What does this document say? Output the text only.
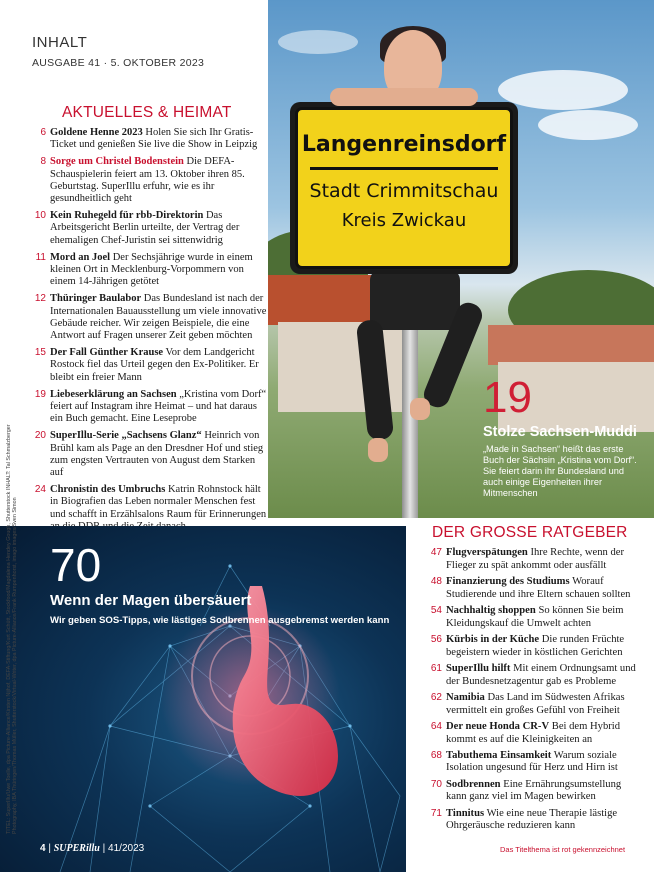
INHALT
AUSGABE 41 · 5. OKTOBER 2023
AKTUELLES & HEIMAT
6 Goldene Henne 2023 Holen Sie sich Ihr Gratis-Ticket und genießen Sie live die Show in Leipzig
8 Sorge um Christel Bodenstein Die DEFA-Schauspielerin feiert am 13. Oktober ihren 85. Geburtstag. SuperIllu erfuhr, wie es ihr gesundheitlich geht
10 Kein Ruhegeld für rbb-Direktorin Das Arbeitsgericht Berlin urteilte, der Vertrag der ehemaligen Chef-Juristin sei sittenwidrig
11 Mord an Joel Der Sechsjährige wurde in einem kleinen Ort in Mecklenburg-Vorpommern von einem 14-Jährigen getötet
12 Thüringer Baulabor Das Bundesland ist nach der Internationalen Bauausstellung um viele innovative Gebäude reicher. Wir zeigen Beispiele, die eine Antwort auf Fragen unserer Zeit geben möchten
15 Der Fall Günther Krause Vor dem Landgericht Rostock fiel das Urteil gegen den Ex-Politiker. Er bleibt ein freier Mann
19 Liebeserklärung an Sachsen „Kristina vom Dorf“ feiert auf Instagram ihre Heimat – und hat daraus ein Buch gemacht. Eine Leseprobe
20 SuperIllu-Serie „Sachsens Glanz“ Heinrich von Brühl kam als Page an den Dresdner Hof und stieg zum engsten Vertrauten von August dem Starken auf
24 Chronistin des Umbruchs Katrin Rohnstock hält in Biografien das Leben normaler Menschen fest und schafft in Erzählsalons Raum für Erinnerungen
Langenreinsdorf
Stadt Crimmitschau
Kreis Zwickau
19
Stolze Sachsen-Muddi
„Made in Sachsen“ heißt das erste Buch der Sächsin „Kristina vom Dorf“. Sie feiert darin ihr Bundesland und auch einige Eigenheiten ihrer Mitmenschen
DER GROSSE RATGEBER
47 Flugverspätungen Ihre Rechte, wenn der Flieger zu spät ankommt oder ausfällt
48 Finanzierung des Studiums Worauf Studierende und ihre Eltern schauen sollten
54 Nachhaltig shoppen So können Sie beim Kleidungskauf die Umwelt achten
56 Kürbis in der Küche Die runden Früchte begeistern wieder in köstlichen Gerichten
61 SuperIllu hilft Mit einem Ordnungsamt und der Bundesnetzagentur gab es Probleme
62 Namibia Das Land im Südwesten Afrikas vermittelt ein großes Gefühl von Freiheit
64 Der neue Honda CR-V Bei dem Hybrid kommt es auf die Kleinigkeiten an
68 Tabuthema Einsamkeit Warum soziale Isolation ungesund für Herz und Hirn ist
70 Sodbrennen Eine Ernährungsumstellung kann ganz viel im Magen bewirken
71 Tinnitus Wie eine neue Therapie lästige Ohrgeräusche reduzieren kann
70
Wenn der Magen übersäuert
Wir geben SOS-Tipps, wie lästiges Sodbrennen ausgebremst werden kann
TITEL: SuperIllu/Uwe Toelle, dpa Picture-Alliance/Kirsten Nijhof, DEFA-Stiftung/Kurt Schütt, Stockfood/Magdalena Hendey Gough, Shutterstock INHALT: Tal Schmalzberger Photography, IBA Thüringen/Thomas Müller, Shutterstock/Virtual-Writer, dpa Picture-Alliance/Frank Rumpenhorst, imago images/Sven Simon
4 | SUPERillu | 41/2023	Das Titelthema ist rot gekennzeichnet
